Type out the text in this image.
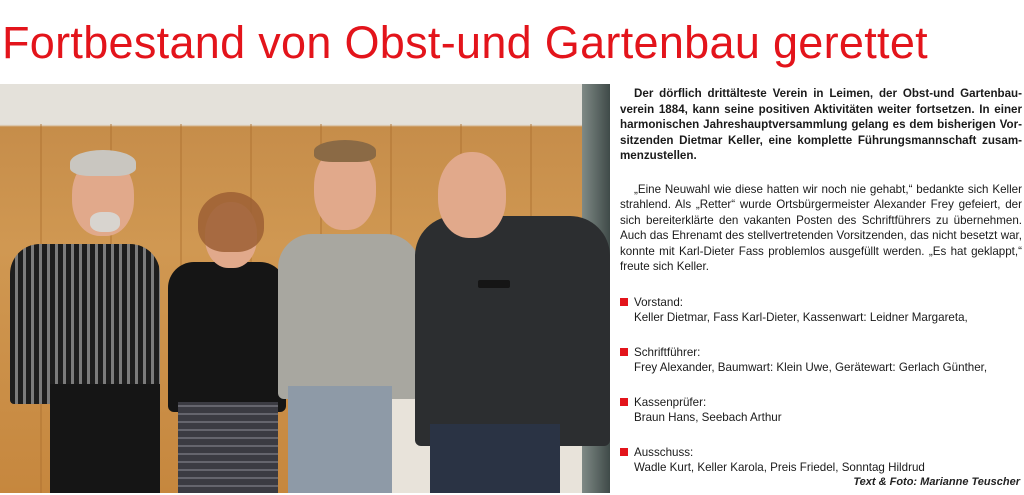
Fortbestand von Obst-und Gartenbau gerettet

Der dörflich drittälteste Verein in Leimen, der Obst-und Gartenbau-verein 1884, kann seine positiven Aktivitäten weiter fortsetzen. In einer harmonischen Jahreshauptversammlung gelang es dem bisherigen Vor-sitzenden Dietmar Keller, eine komplette Führungsmannschaft zusam-menzustellen.

„Eine Neuwahl wie diese hatten wir noch nie gehabt,“ bedankte sich Keller strahlend. Als „Retter“ wurde Ortsbürgermeister Alexander Frey gefeiert, der sich bereiterklärte den vakanten Posten des Schriftführers zu übernehmen. Auch das Ehrenamt des stellvertretenden Vorsitzenden, das nicht besetzt war, konnte mit Karl-Dieter Fass problemlos ausgefüllt werden. „Es hat geklappt,“ freute sich Keller.

Vorstand:
Keller Dietmar, Fass Karl-Dieter, Kassenwart: Leidner Margareta,
Schriftführer:
Frey Alexander, Baumwart: Klein Uwe, Gerätewart: Gerlach Günther,
Kassenprüfer:
Braun Hans, Seebach Arthur
Ausschuss:
Wadle Kurt, Keller Karola, Preis Friedel, Sonntag Hildrud
Text & Foto: Marianne Teuscher
